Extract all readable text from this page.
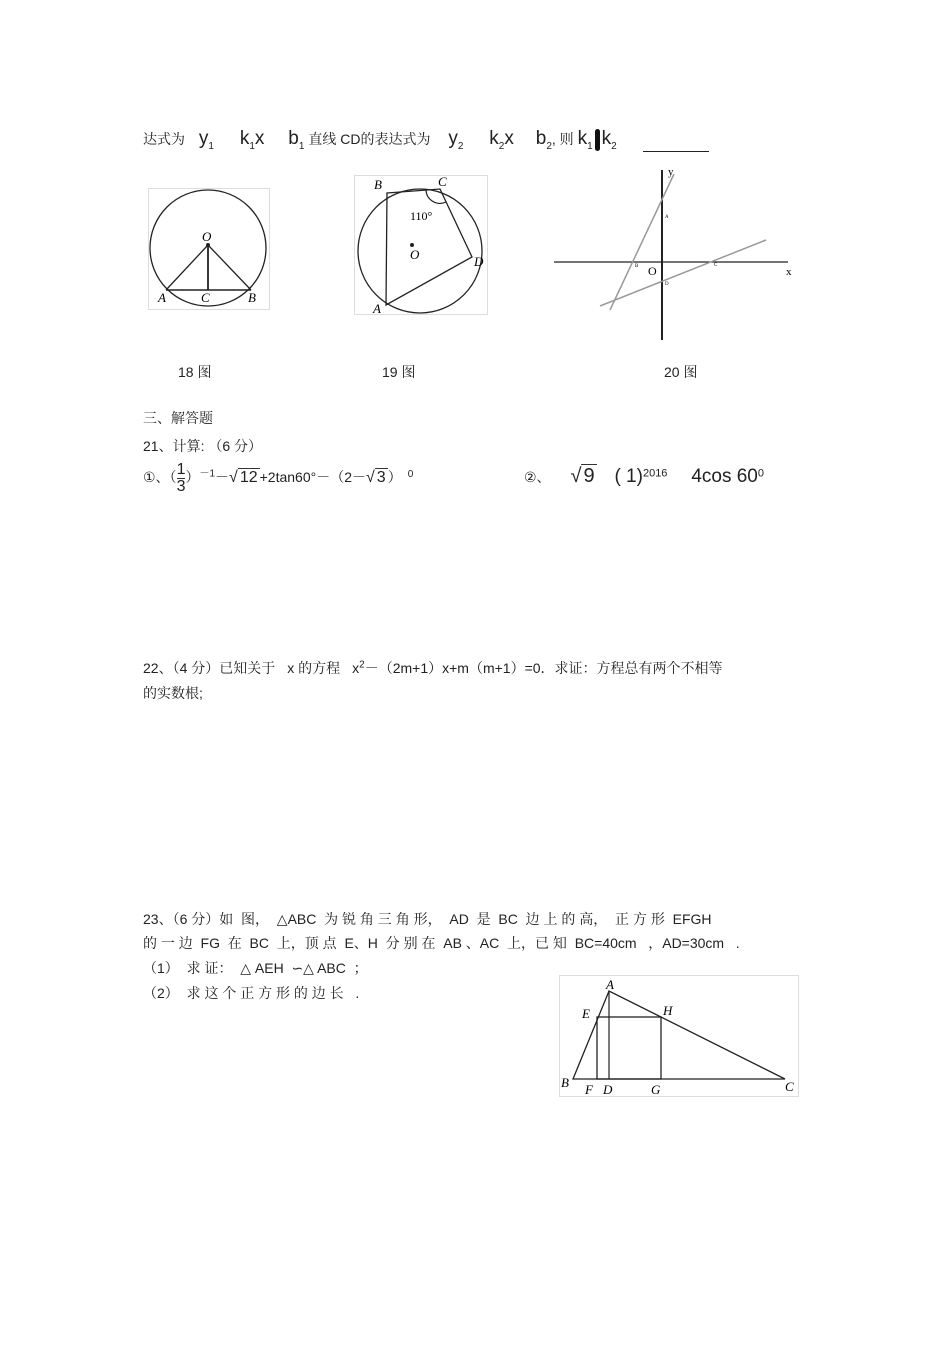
达式为 $y_1$ $k_1x$ $b_1$ 直线 CD的表达式为 $y_2$ $k_2x$ $b_2$, 则 $k_1$ $k_2$
O
A	C	B
O
B	C
D
A
110°
y
x
O
A
B	C
D
18 图	19 图	20 图
三、解答题
21、计算: （6 分）
①、（ $\frac{1}{3} )^{-1}-√$ 12 +2tan60°－（2－√ 3 ） $^0$	②、 √ 9 ( 1)$^{2016}$ 4cos $60^0$
22、（4 分）已知关于 x 的方程 $x^2-(2m+1)x+m(m+1)=0$．求证：方程总有两个不相等
的实数根;
23、（6 分）如  图，  △ABC  为 锐 角 三 角 形，  AD  是  BC  边 上 的 高，  正 方 形  EFGH
的 一 边  FG  在  BC  上，顶 点  E、H  分 别 在  AB 、AC  上，已 知  BC=40cm   ，AD=30cm   .
（1）  求 证：  △ AEH  ∽△ ABC  ；
（2）  求 这 个 正 方 形 的 边 长   .
A
E	H
B F D	G	C
